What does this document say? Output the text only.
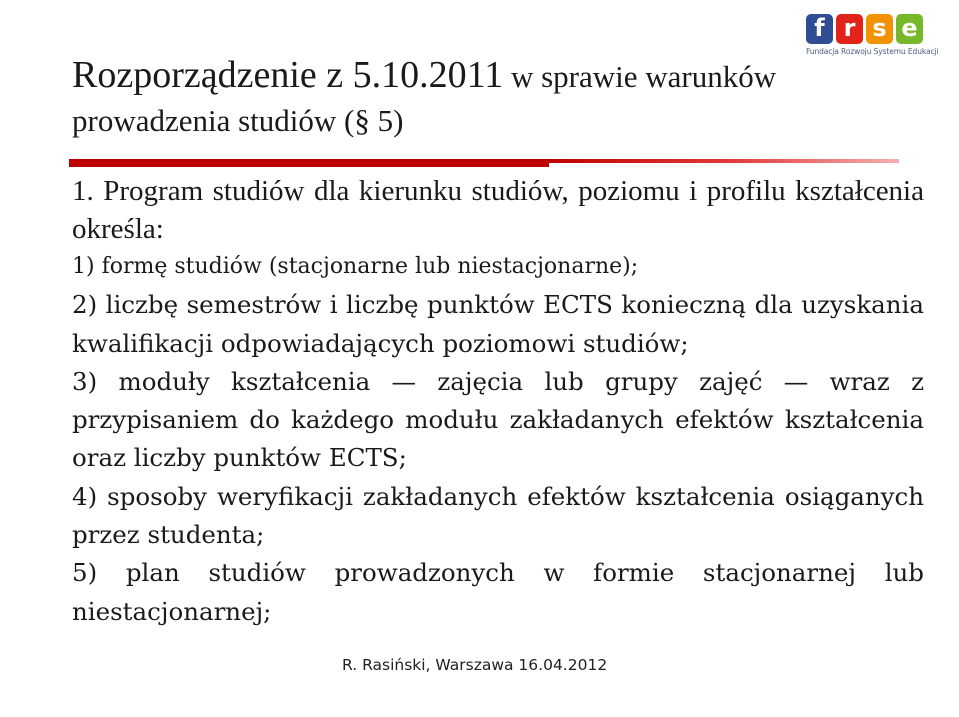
f r s e
Fundacja Rozwoju Systemu Edukacji
Rozporządzenie z 5.10.2011 w sprawie warunków prowadzenia studiów (§ 5)

1. Program studiów dla kierunku studiów, poziomu i profilu kształcenia określa:

1) formę studiów (stacjonarne lub niestacjonarne);

2) liczbę semestrów i liczbę punktów ECTS konieczną dla uzyskania kwalifikacji odpowiadających poziomowi studiów;

3) moduły kształcenia — zajęcia lub grupy zajęć — wraz z przypisaniem do każdego modułu zakładanych efektów kształcenia oraz liczby punktów ECTS;

4) sposoby weryfikacji zakładanych efektów kształcenia osiąganych przez studenta;

5) plan studiów prowadzonych w formie stacjonarnej lub niestacjonarnej;

R. Rasiński, Warszawa 16.04.2012
